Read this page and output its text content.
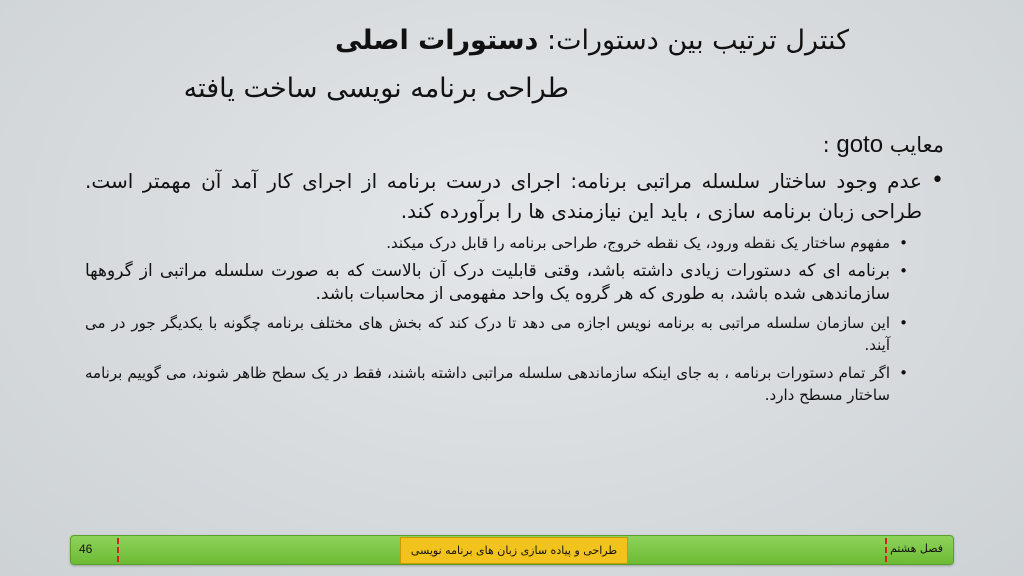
کنترل ترتیب بین دستورات: دستورات اصلی
طراحی برنامه نویسی ساخت یافته
معایب goto :
• عدم وجود ساختار سلسله مراتبی برنامه: اجرای درست برنامه از اجرای کار آمد آن مهمتر است. طراحی زبان برنامه سازی ، باید این نیازمندی ها را برآورده کند.
• مفهوم ساختار یک نقطه ورود، یک نقطه خروج، طراحی برنامه را قابل درک میکند.
• برنامه ای که دستورات زیادی داشته باشد، وقتی قابلیت درک آن بالاست که به صورت سلسله مراتبی از گروهها سازماندهی شده باشد، به طوری که هر گروه یک واحد مفهومی از محاسبات باشد.
• این سازمان سلسله مراتبی به برنامه نویس اجازه می دهد تا درک کند که بخش های مختلف برنامه چگونه با یکدیگر جور در می آیند.
• اگر تمام دستورات برنامه ، به جای اینکه سازماندهی سلسله مراتبی داشته باشند، فقط در یک سطح ظاهر شوند، می گوییم برنامه ساختار مسطح دارد.
46	طراحی و پیاده سازی زبان های برنامه نویسی	فصل هشتم
